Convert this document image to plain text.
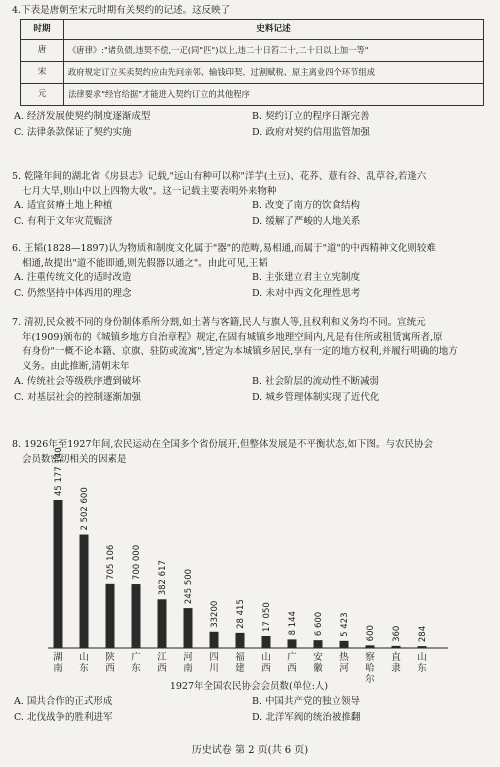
4.下表是唐朝至宋元时期有关契约的记述。这反映了

时期	史料记述
唐	《唐律》:"诸负债,违契不偿,一疋(同"匹")以上,违二十日笞二十,二十日以上加一等"
宋	政府规定订立买卖契约应由先问亲邻、输钱印契、过割赋税、原主离业四个环节组成
元	法律要求"经官给据"才能进入契约订立的其他程序
A. 经济发展使契约制度逐渐成型	B. 契约订立的程序日渐完善
C. 法律条款保证了契约实施	D. 政府对契约信用监管加强

5. 乾隆年间的湖北省《房县志》记载,"远山有种可以称"洋芋(土豆)、花荞、薏有谷、乱草谷,若逢六

七月大旱,则山中以上四物大收"。这一记载主要表明外来物种

A. 适宜贫瘠土地上种植	B. 改变了南方的饮食结构
C. 有利于文年灾荒赈济	D. 缓解了严峻的人地关系

6. 王韬(1828—1897)认为物质和制度文化属于"器"的范畴,易相通,而属于"道"的中西精神文化则较难

相通,故提出"道不能即通,则先假器以通之"。由此可见,王韬

A. 注重传统文化的适时改造	B. 主张建立君主立宪制度
C. 仍然坚持中体西用的理念	D. 未对中西文化理性思考

7. 清初,民众被不同的身份制体系所分割,如土著与客籍,民人与旗人等,且权利和义务均不同。宣统元

年(1909)颁布的《城镇乡地方自治章程》规定,在固有城镇乡地理空间内,凡是有住所或租赁寓所者,原

有身份"一概不论本籍、京旗、驻防或流寓",皆定为本城镇乡居民,享有一定的地方权利,并履行明确的地方

义务。由此推断,清朝末年

A. 传统社会等级秩序遭到破坏	B. 社会阶层的流动性不断减弱
C. 对基层社会的控制逐渐加强	D. 城乡管理体制实现了近代化

8. 1926年至1927年间,农民运动在全国多个省份展开,但整体发展是不平衡状态,如下图。与农民协会

会员数密切相关的因素是

45 177 140
湖
南
2 502 600
山
东
705 106
陕
西
700 000
广
东
382 617
江
西
245 500
河
南
33200
四
川
28 415
福
建
17 050
山
西
8 144
广
西
6 600
安
徽
5 423
热
河
600
察
哈
尔
360
直
隶
284
山
东
1927年全国农民协会会员数(单位:人)
A. 国共合作的正式形成	B. 中国共产党的独立领导
C. 北伐战争的胜利进军	D. 北洋军阀的统治被推翻
历史试卷 第 2 页(共 6 页)
